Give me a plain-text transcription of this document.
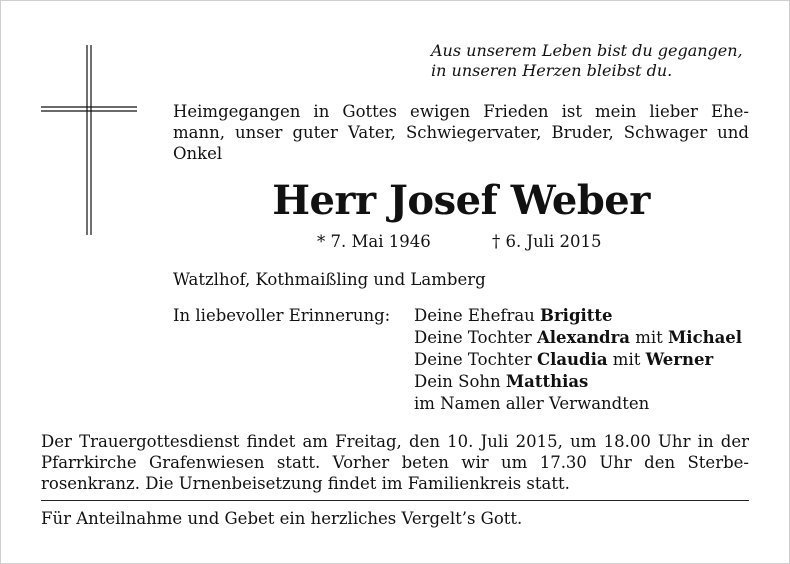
Aus unserem Leben bist du gegangen,
in unseren Herzen bleibst du.
Heimgegangen in Gottes ewigen Frieden ist mein lieber Ehe-
mann, unser guter Vater, Schwiegervater, Bruder, Schwager und
Onkel
Herr Josef Weber
* 7. Mai 1946	† 6. Juli 2015
Watzlhof, Kothmaißling und Lamberg
In liebevoller Erinnerung: Deine Ehefrau Brigitte
Deine Tochter Alexandra mit Michael
Deine Tochter Claudia mit Werner
Dein Sohn Matthias
im Namen aller Verwandten
Der Trauergottesdienst findet am Freitag, den 10. Juli 2015, um 18.00 Uhr in der
Pfarrkirche Grafenwiesen statt. Vorher beten wir um 17.30 Uhr den Sterbe-
rosenkranz. Die Urnenbeisetzung findet im Familienkreis statt.
Für Anteilnahme und Gebet ein herzliches Vergelt’s Gott.
